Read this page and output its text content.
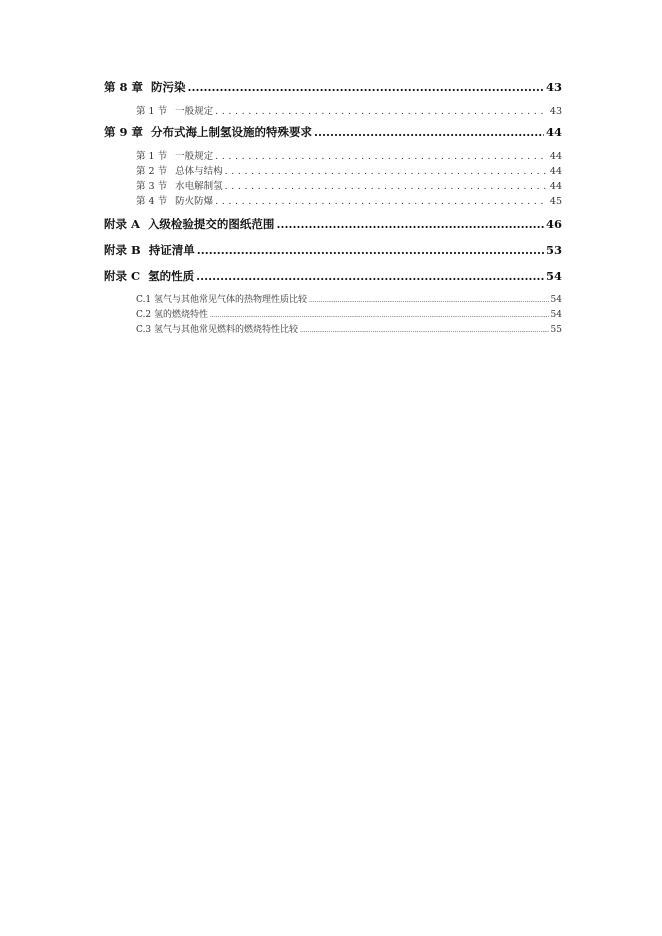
第 8 章 防污染 .....	43
第 1 节 一般规定 . . .	43
第 9 章 分布式海上制氢设施的特殊要求 .....	44
第 1 节 一般规定 . . .	44
第 2 节 总体与结构 . . .	44
第 3 节 水电解制氢 . . .	44
第 4 节 防火防爆 . . .	45
附录 A 入级检验提交的图纸范围 .....	46
附录 B 持证清单 .....	53
附录 C 氢的性质 .....	54
C.1 氢气与其他常见气体的热物理性质比较 .....	54
C.2 氢的燃烧特性 .....	54
C.3 氢气与其他常见燃料的燃烧特性比较 .....	55
